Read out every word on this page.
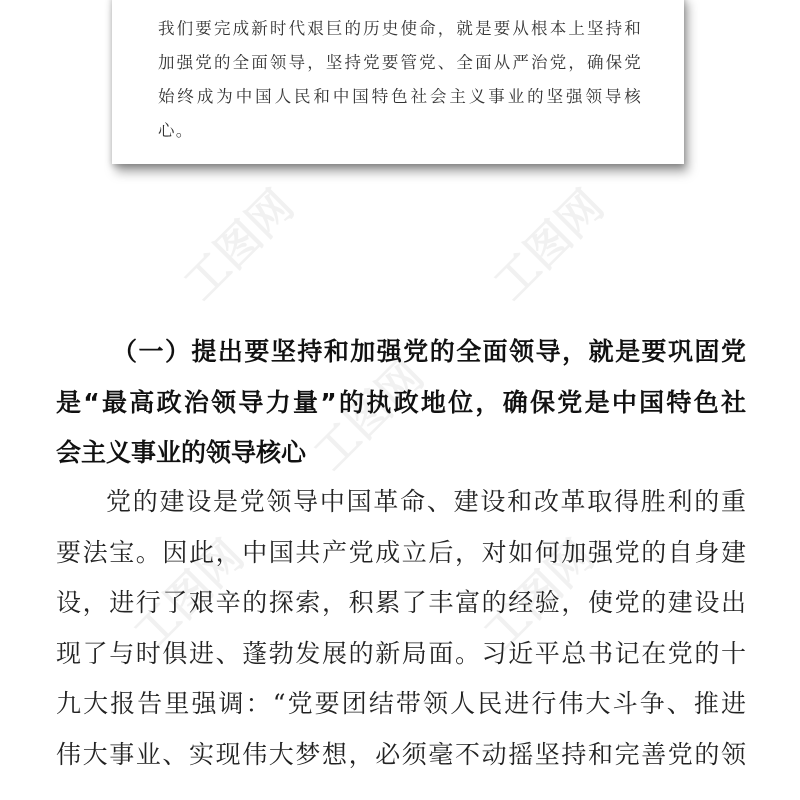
工图网	工图网
工图网
工图网	工图网
我们要完成新时代艰巨的历史使命，就是要从根本上坚持和
加强党的全面领导，坚持党要管党、全面从严治党，确保党
始终成为中国人民和中国特色社会主义事业的坚强领导核
心。
（一）提出要坚持和加强党的全面领导，就是要巩固党
是“最高政治领导力量”的执政地位，确保党是中国特色社
会主义事业的领导核心
党的建设是党领导中国革命、建设和改革取得胜利的重
要法宝。因此，中国共产党成立后，对如何加强党的自身建
设，进行了艰辛的探索，积累了丰富的经验，使党的建设出
现了与时俱进、蓬勃发展的新局面。习近平总书记在党的十
九大报告里强调：“党要团结带领人民进行伟大斗争、推进
伟大事业、实现伟大梦想，必须毫不动摇坚持和完善党的领
